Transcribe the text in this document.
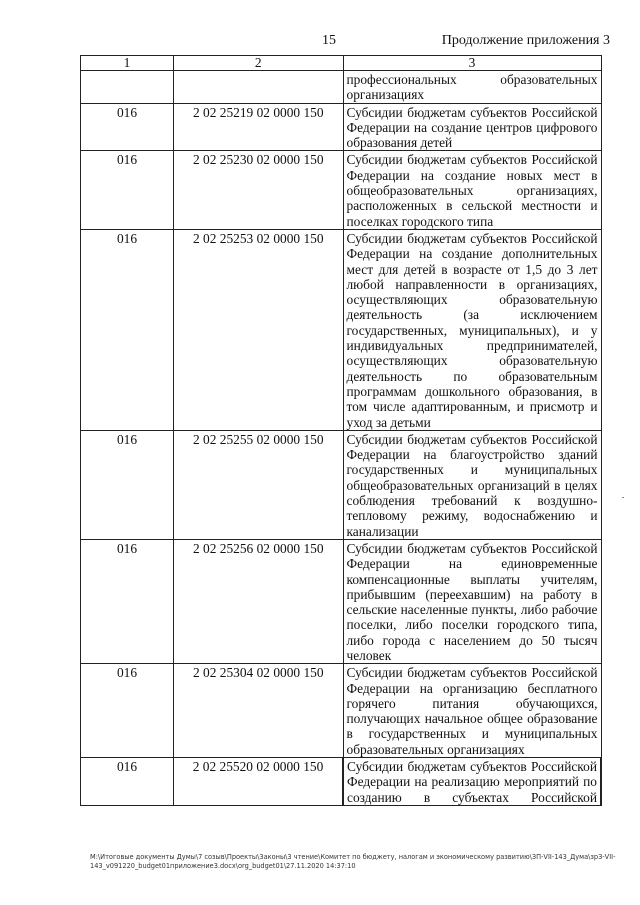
15	Продолжение приложения 3
1	2	3
		профессиональных образовательных организациях
016	2 02 25219 02 0000 150	Субсидии бюджетам субъектов Российской Федерации на создание центров цифрового образования детей
016	2 02 25230 02 0000 150	Субсидии бюджетам субъектов Российской Федерации на создание новых мест в общеобразовательных организациях, расположенных в сельской местности и поселках городского типа
016	2 02 25253 02 0000 150	Субсидии бюджетам субъектов Российской Федерации на создание дополнительных мест для детей в возрасте от 1,5 до 3 лет любой направленности в организациях, осуществляющих образовательную деятельность (за исключением государственных, муниципальных), и у индивидуальных предпринимателей, осуществляющих образовательную деятельность по образовательным программам дошкольного образования, в том числе адаптированным, и присмотр и уход за детьми
016	2 02 25255 02 0000 150	Субсидии бюджетам субъектов Российской Федерации на благоустройство зданий государственных и муниципальных общеобразовательных организаций в целях соблюдения требований к воздушно-тепловому режиму, водоснабжению и канализации
016	2 02 25256 02 0000 150	Субсидии бюджетам субъектов Российской Федерации на единовременные компенсационные выплаты учителям, прибывшим (переехавшим) на работу в сельские населенные пункты, либо рабочие поселки, либо поселки городского типа, либо города с населением до 50 тысяч человек
016	2 02 25304 02 0000 150	Субсидии бюджетам субъектов Российской Федерации на организацию бесплатного горячего питания обучающихся, получающих начальное общее образование в государственных и муниципальных образовательных организациях
016	2 02 25520 02 0000 150	Субсидии бюджетам субъектов Российской Федерации на реализацию мероприятий по созданию в субъектах Российской
M:\Итоговые документы Думы\7 созыв\Проекты\Законы\3 чтение\Комитет по бюджету, налогам и экономическому развитию\ЗП-VII-143_Дума\зрЗ-VII-143_v091220_budget01приложение3.docx\org_budget01\27.11.2020 14:37:10
